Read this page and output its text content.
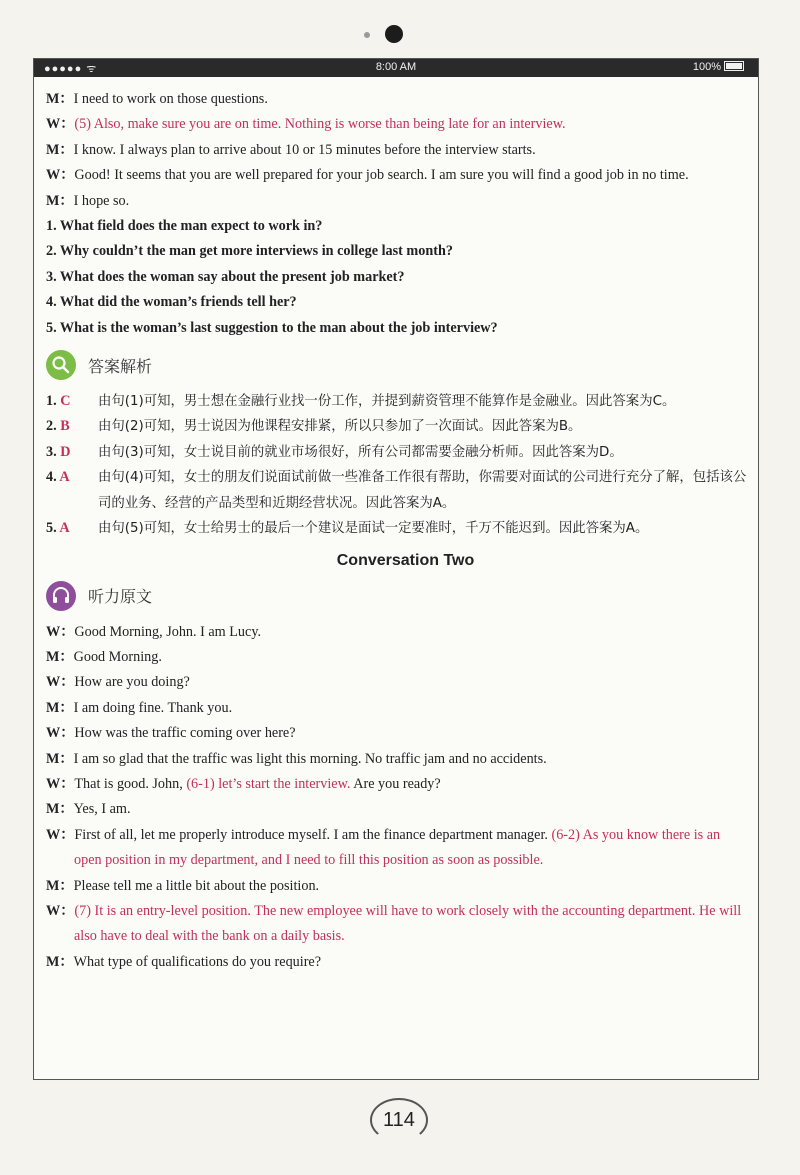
●●●●● ᯤ	8:00 AM	100%
M：I need to work on those questions.
W：(5) Also, make sure you are on time. Nothing is worse than being late for an interview.
M：I know. I always plan to arrive about 10 or 15 minutes before the interview starts.
W：Good! It seems that you are well prepared for your job search. I am sure you will find a good job in no time.
M：I hope so.
1. What field does the man expect to work in?
2. Why couldn’t the man get more interviews in college last month?
3. What does the woman say about the present job market?
4. What did the woman’s friends tell her?
5. What is the woman’s last suggestion to the man about the job interview?
答案解析
1. C	由句(1)可知，男士想在金融行业找一份工作，并提到薪资管理不能算作是金融业。因此答案为C。
2. B	由句(2)可知，男士说因为他课程安排紧，所以只参加了一次面试。因此答案为B。
3. D	由句(3)可知，女士说目前的就业市场很好，所有公司都需要金融分析师。因此答案为D。
4. A	由句(4)可知，女士的朋友们说面试前做一些准备工作很有帮助，你需要对面试的公司进行充分了解，包括该公司的业务、经营的产品类型和近期经营状况。因此答案为A。
5. A	由句(5)可知，女士给男士的最后一个建议是面试一定要准时，千万不能迟到。因此答案为A。
Conversation Two
听力原文
W：Good Morning, John. I am Lucy.
M：Good Morning.
W：How are you doing?
M：I am doing fine. Thank you.
W：How was the traffic coming over here?
M：I am so glad that the traffic was light this morning. No traffic jam and no accidents.
W：That is good. John, (6-1) let’s start the interview. Are you ready?
M：Yes, I am.
W：First of all, let me properly introduce myself. I am the finance department manager. (6-2) As you know there is an open position in my department, and I need to fill this position as soon as possible.
M：Please tell me a little bit about the position.
W：(7) It is an entry-level position. The new employee will have to work closely with the accounting department. He will also have to deal with the bank on a daily basis.
M：What type of qualifications do you require?
114
